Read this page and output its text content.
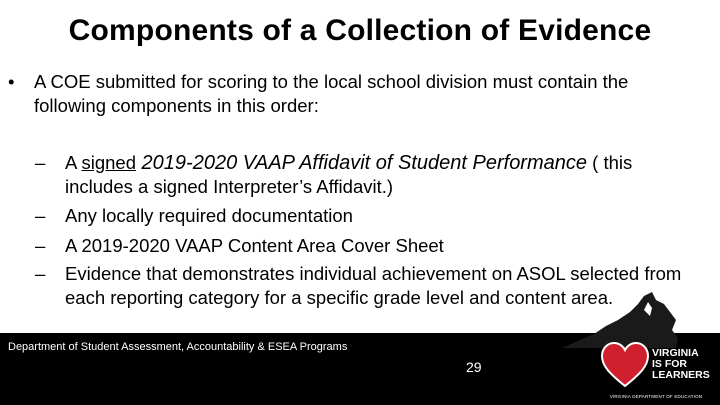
Components of a Collection of Evidence
• A COE submitted for scoring to the local school division must contain the following components in this order:
– A signed 2019-2020 VAAP Affidavit of Student Performance ( this includes a signed Interpreter’s Affidavit.)
– Any locally required documentation
– A 2019-2020 VAAP Content Area Cover Sheet
– Evidence that demonstrates individual achievement on ASOL selected from each reporting category for a specific grade level and content area.
Department of Student Assessment, Accountability & ESEA Programs
29
VIRGINIA
IS FOR
LEARNERS
VIRGINIA DEPARTMENT OF EDUCATION
